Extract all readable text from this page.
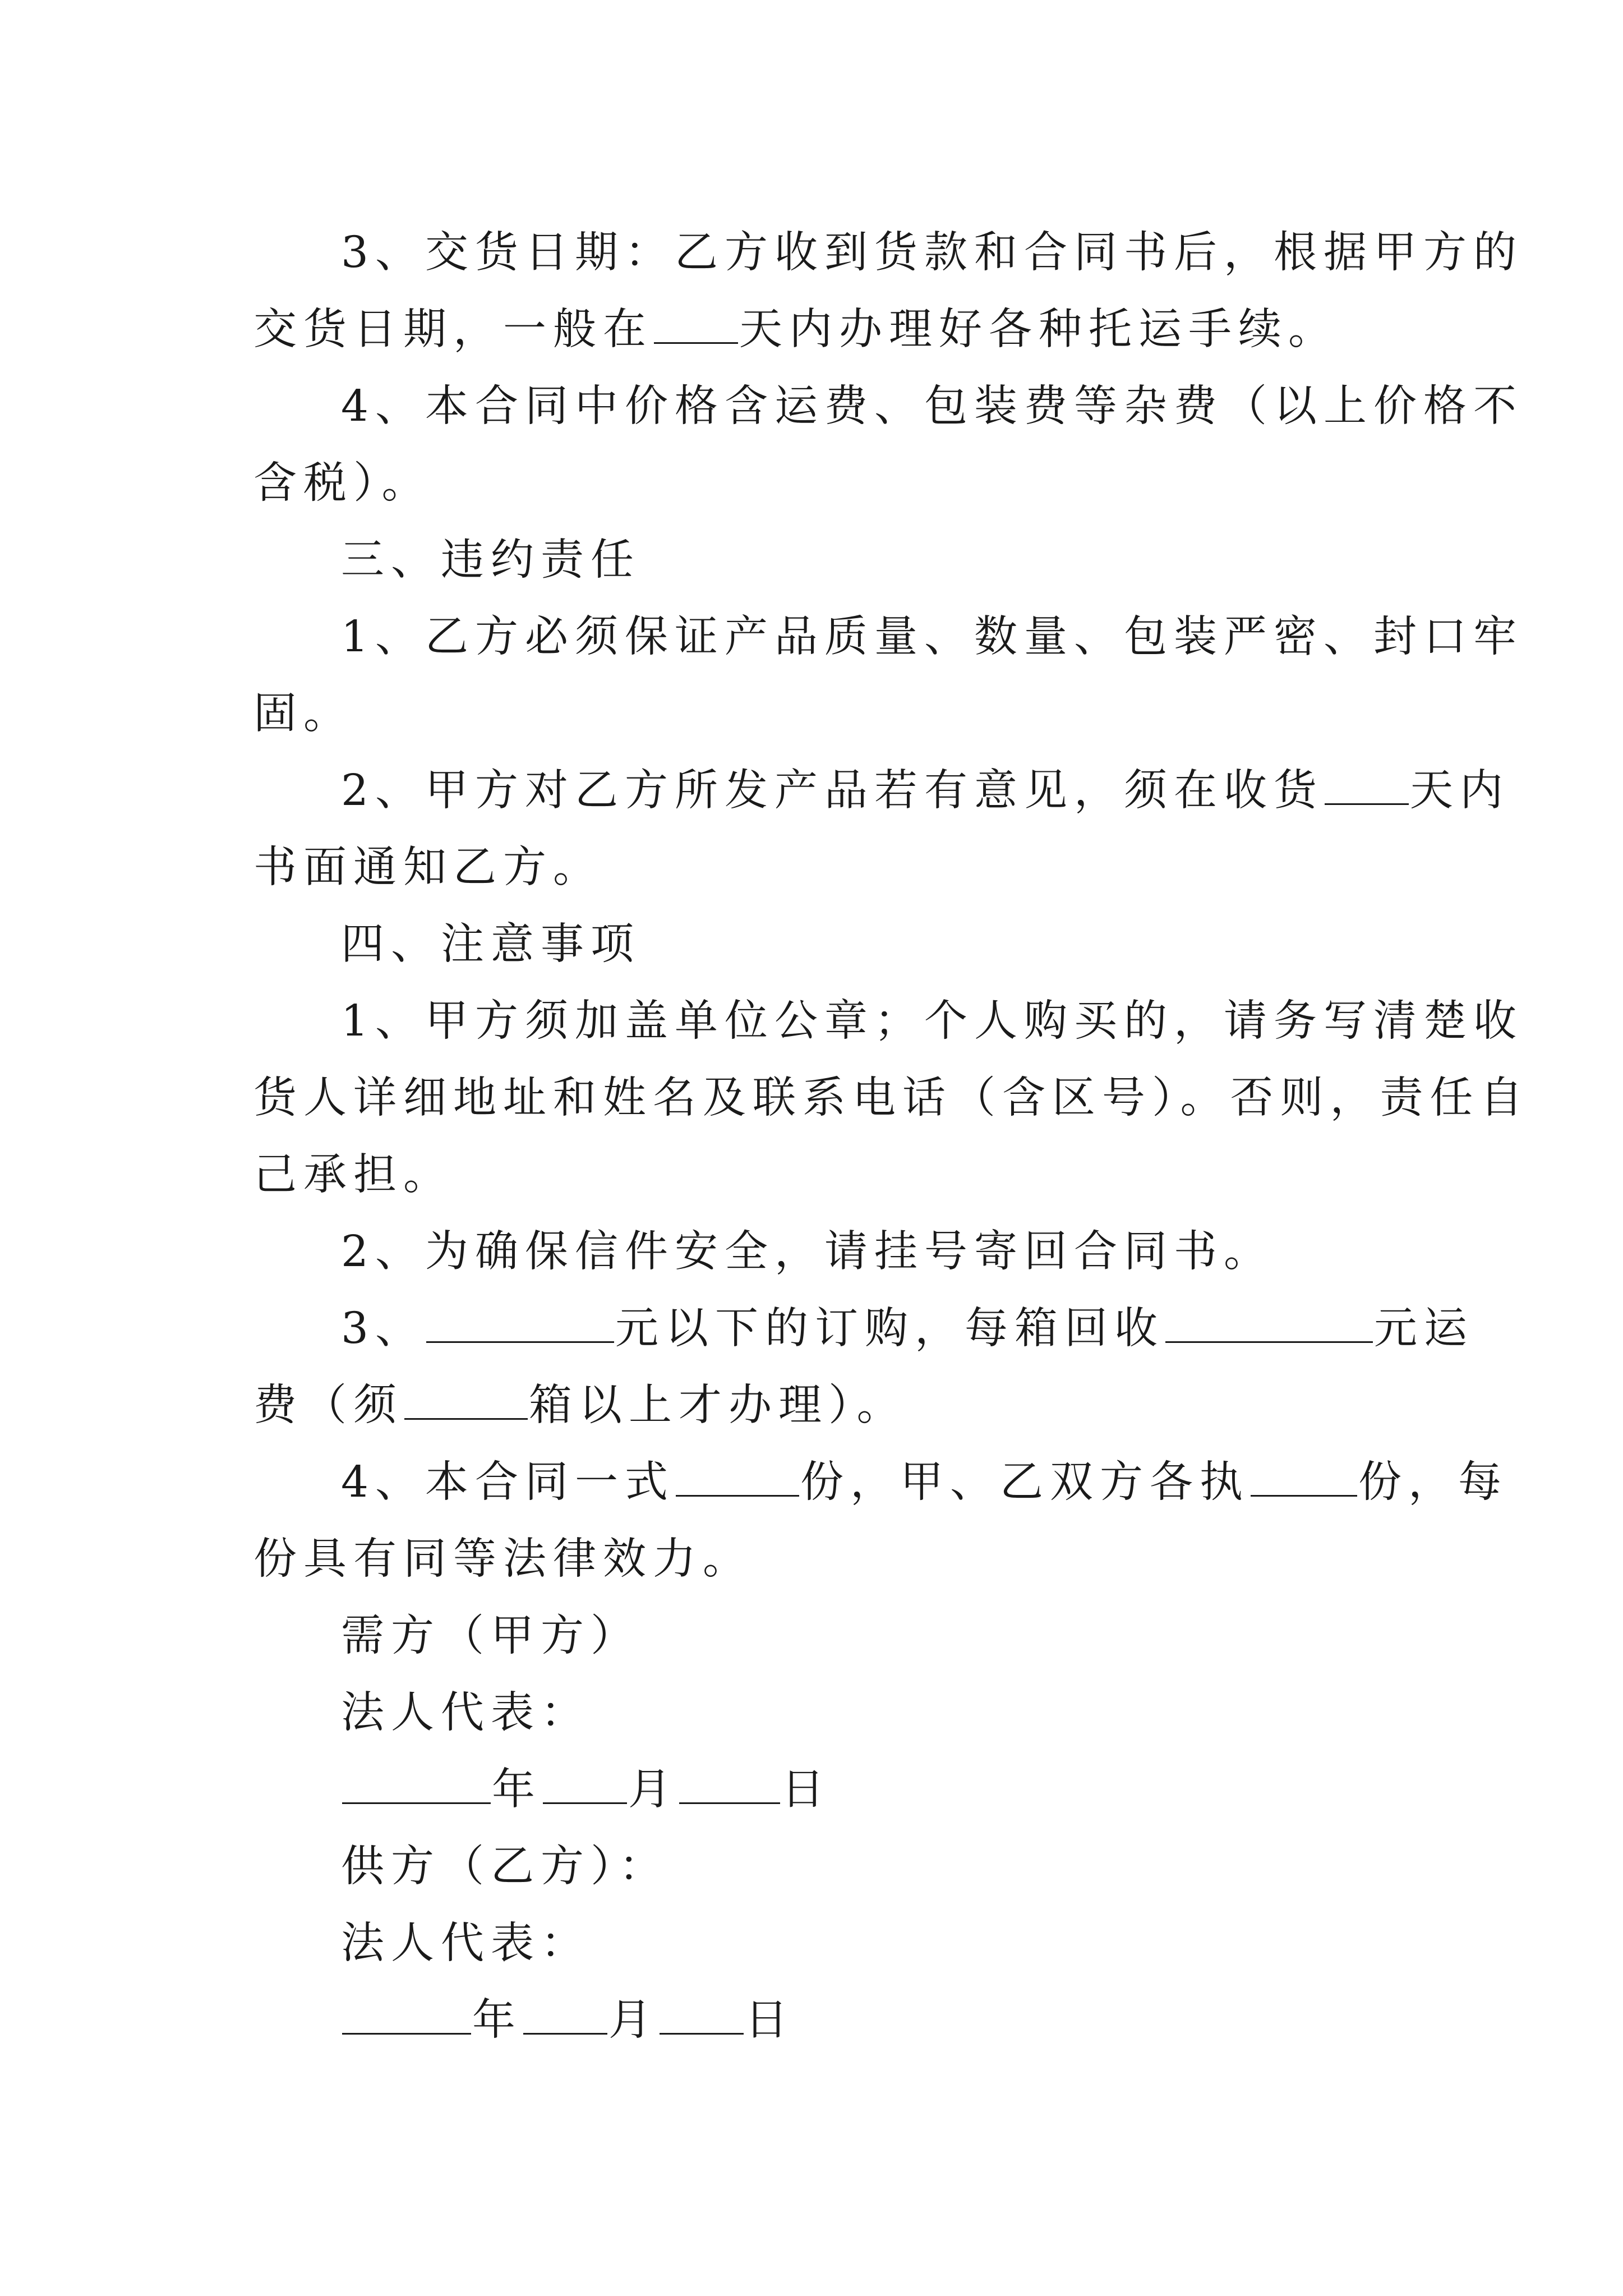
3、交货日期：乙方收到货款和合同书后，根据甲方的
交货日期，一般在 天内办理好各种托运手续。
4、本合同中价格含运费、包装费等杂费（以上价格不
含税）。
三、违约责任
1、乙方必须保证产品质量、数量、包装严密、封口牢
固。
2、甲方对乙方所发产品若有意见，须在收货 天内
书面通知乙方。
四、注意事项
1、甲方须加盖单位公章；个人购买的，请务写清楚收
货人详细地址和姓名及联系电话（含区号）。否则，责任自
己承担。
2、为确保信件安全，请挂号寄回合同书。
3、	元以下的订购，每箱回收	元运
费（须	箱以上才办理）。
4、本合同一式	份，甲、乙双方各执	份，每
份具有同等法律效力。
需方（甲方）
法人代表：
年 月 日
供方（乙方）：
法人代表：
年 月 日
